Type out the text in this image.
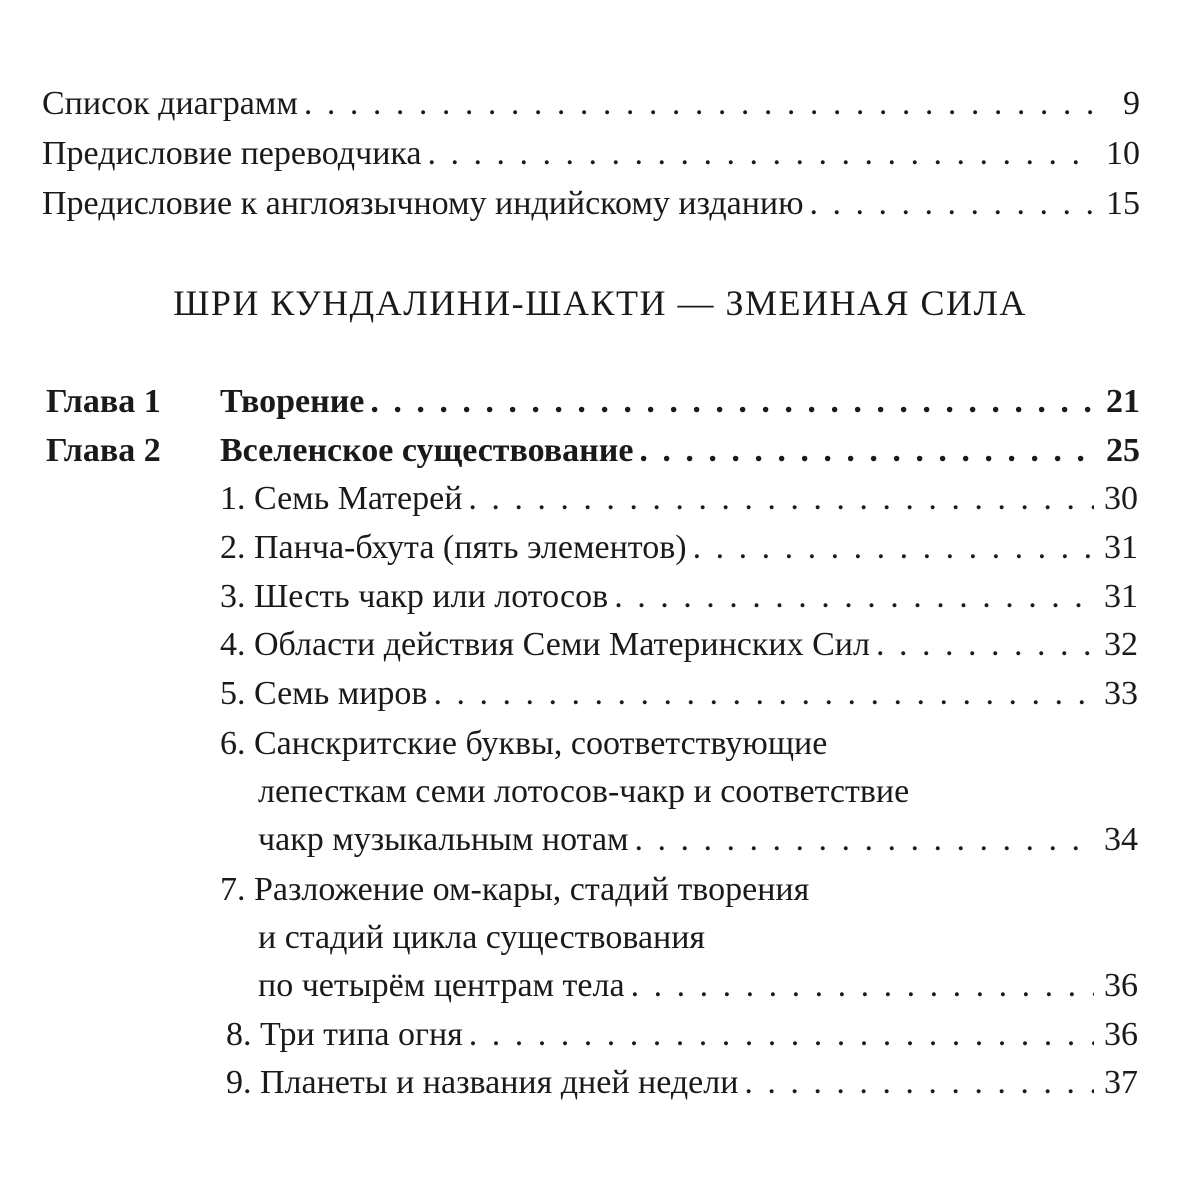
Список диаграмм . . .	9
Предисловие переводчика . . .	10
Предисловие к англоязычному индийскому изданию . . .	15
ШРИ КУНДАЛИНИ-ШАКТИ — ЗМЕИНАЯ СИЛА
Глава 1 Творение . . .	21
Глава 2 Вселенское существование . . .	25
1. Семь Матерей . . .	30
2. Панча-бхута (пять элементов) . . .	31
3. Шесть чакр или лотосов . . .	31
4. Области действия Семи Материнских Сил . . .	32
5. Семь миров . . .	33
6. Санскритские буквы, соответствующие
лепесткам семи лотосов-чакр и соответствие
чакр музыкальным нотам . . .	34
7. Разложение ом-кары, стадий творения
и стадий цикла существования
по четырём центрам тела . . .	36
8. Три типа огня . . .	36
9. Планеты и названия дней недели . . .	37
